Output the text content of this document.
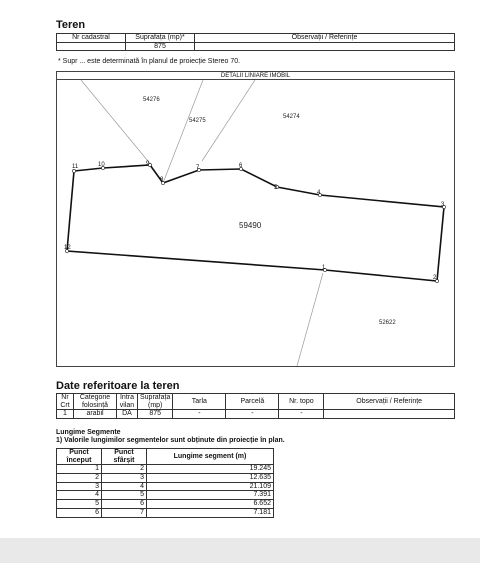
Teren
Nr cadastral	Suprafața (mp)*	Observații / Referințe
	875	
* Supr ... este determinată în planul de proiecție Stereo 70.
DETALII LINIARE IMOBIL
54276
54275
54274
59490
52622
11	10	9
8
7	6
5
4
3
2
1
12
Date referitoare la teren
Nr Crt	Categorie folosință	Intra vilan	Suprafața (mp)	Tarla	Parcelă	Nr. topo	Observații / Referințe
1	arabil	DA	875	-	-	-	
Lungime Segmente
1) Valorile lungimilor segmentelor sunt obținute din proiecție în plan.
Punct început	Punct sfârșit	Lungime segment (m)
1	2	19.245
2	3	12.635
3	4	21.109
4	5	7.391
5	6	6.652
6	7	7.181
